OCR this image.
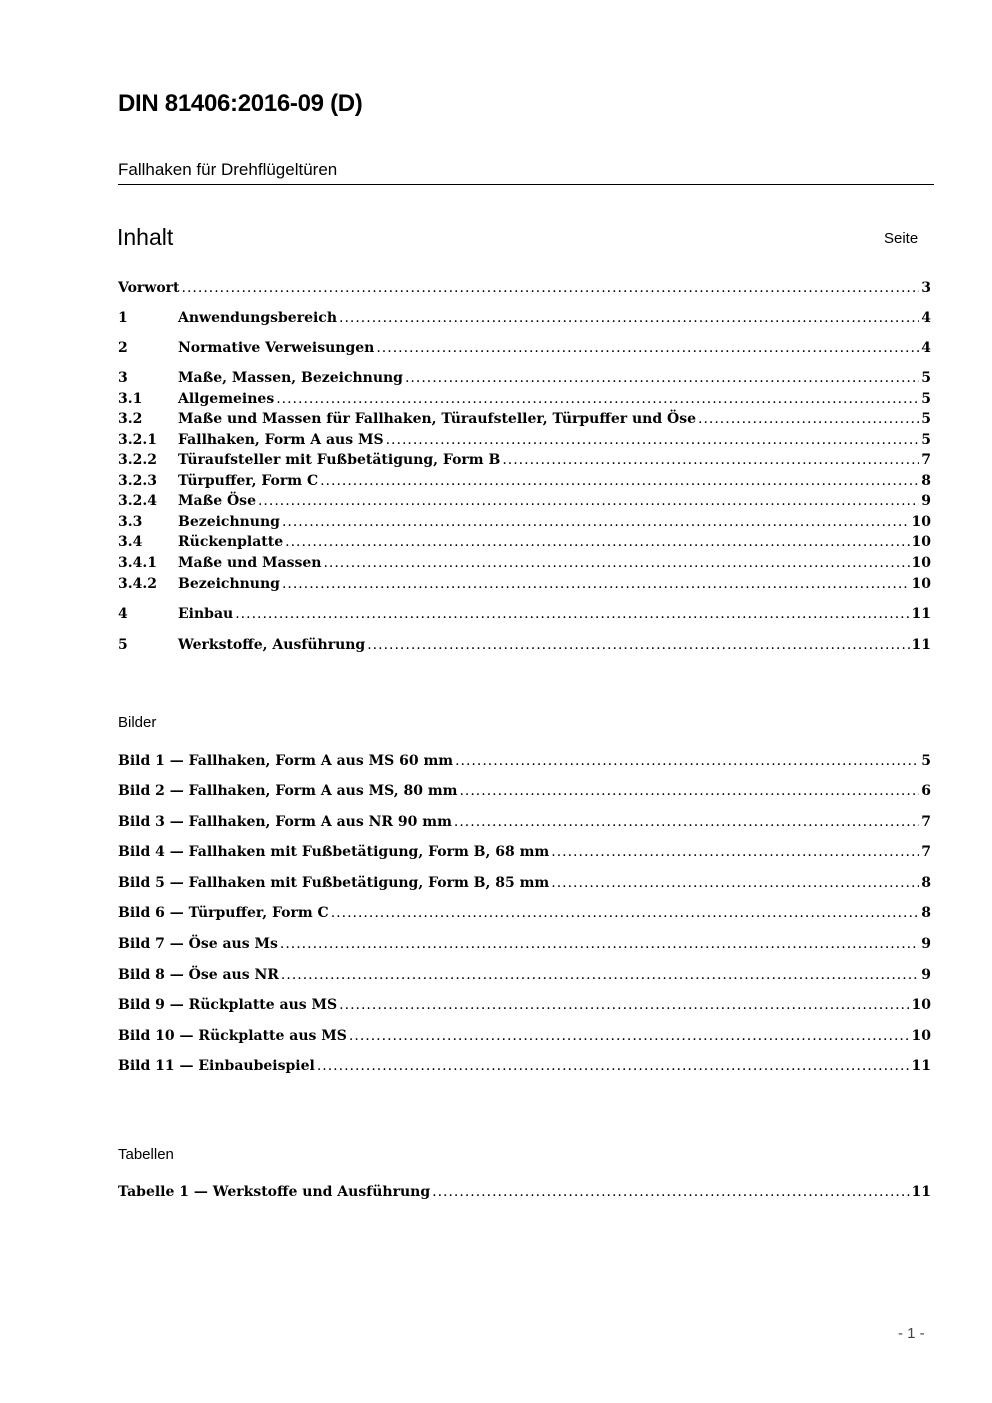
DIN 81406:2016-09 (D)
Fallhaken für Drehflügeltüren
Inhalt	Seite
Vorwort .....	3
1	Anwendungsbereich .....	4
2	Normative Verweisungen .....	4
3	Maße, Massen, Bezeichnung .....	5
3.1	Allgemeines .....	5
3.2	Maße und Massen für Fallhaken, Türaufsteller, Türpuffer und Öse .....	5
3.2.1	Fallhaken, Form A aus MS .....	5
3.2.2	Türaufsteller mit Fußbetätigung, Form B .....	7
3.2.3	Türpuffer, Form C .....	8
3.2.4	Maße Öse .....	9
3.3	Bezeichnung .....	10
3.4	Rückenplatte .....	10
3.4.1	Maße und Massen .....	10
3.4.2	Bezeichnung .....	10
4	Einbau .....	11
5	Werkstoffe, Ausführung .....	11
Bilder
Bild 1 — Fallhaken, Form A aus MS 60 mm .....	5
Bild 2 — Fallhaken, Form A aus MS, 80 mm .....	6
Bild 3 — Fallhaken, Form A aus NR 90 mm .....	7
Bild 4 — Fallhaken mit Fußbetätigung, Form B, 68 mm .....	7
Bild 5 — Fallhaken mit Fußbetätigung, Form B, 85 mm .....	8
Bild 6 — Türpuffer, Form C .....	8
Bild 7 — Öse aus Ms .....	9
Bild 8 — Öse aus NR .....	9
Bild 9 — Rückplatte aus MS .....	10
Bild 10 — Rückplatte aus MS .....	10
Bild 11 — Einbaubeispiel .....	11
Tabellen
Tabelle 1 — Werkstoffe und Ausführung .....	11
- 1 -
